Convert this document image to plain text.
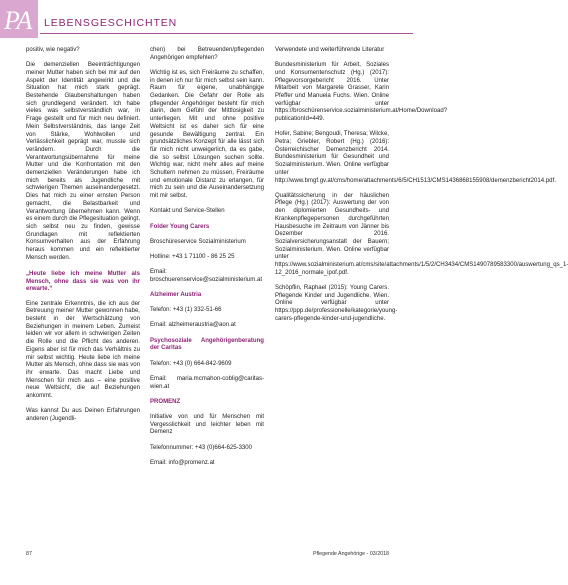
PA LEBENSGESCHICHTEN

positiv, wie negativ?

Die demenziellen Beeinträchtigungen meiner Mutter haben sich bei mir auf den Aspekt der Identität angewirkt und die Situation hat mich stark geprägt. Bestehende Glaubenshaltungen haben sich grundlegend verändert. Ich habe vieles was selbstverständlich war, in Frage gestellt und für mich neu definiert. Mein Selbstverständnis, das lange Zeit von Stärke, Wohlwollen und Verlässlichkeit geprägt war, musste sich verändern. Durch die Verantwortungsübernahme für meine Mutter und die Konfrontation mit den demenziellen Veränderungen habe ich mich bereits als Jugendliche mit schwierigen Themen auseinandergesetzt. Dies hat mich zu einer ernsten Person gemacht, die Belastbarkeit und Verantwortung übernehmen kann. Wenn es einem durch die Pflegesituation gelingt, sich selbst neu zu finden, gewisse Grundlagen mit reflektierten Konsumverhalten aus der Erfahrung heraus kommen und ein reflektierter Mensch werden.

„Heute liebe ich meine Mutter als Mensch, ohne dass sie was von ihr erwarte.“

Eine zentrale Erkenntnis, die ich aus der Betreuung meiner Mutter gewonnen habe, besteht in der Wertschätzung von Beziehungen in meinem Leben. Zumeist leiden wir vor allem in schwierigen Zeiten die Rolle und die Pflicht des anderen. Eigens aber ist für mich das Verhältnis zu mir selbst wichtig. Heute liebe ich meine Mutter als Mensch, ohne dass sie was von ihr erwarte. Das macht Liebe und Menschen für mich aus – eine positive neue Weltsicht, die auf Beziehungen ankommt.

Was kannst Du aus Deinen Erfahrungen anderen (Jugendli-

chen) bei Betreuenden/pflegenden Angehörigen empfehlen?

Wichtig ist es, sich Freiräume zu schaffen, in denen ich nur für mich selbst sein kann. Raum für eigene, unabhängige Gedanken. Die Gefahr der Rolle als pflegender Angehöriger besteht für mich darin, dem Gefühl der Mittlosigkeit zu unterliegen. Mit und ohne positive Weltsicht ist es daher sich für eine gesunde Bewältigung zentral. Ein grundsätzliches Konzept für alle lässt sich für mich nicht unweigerlich, da es gabe, die so selbst Lösungen suchen sollte. Wichtig war, nicht mehr alles auf meine Schultern nehmen zu müssen, Freiräume und emotionale Distanz zu erlangen, für mich zu sein und die Auseinandersetzung mit mir selbst.

Kontakt und Service-Stellen

Folder Young Carers

Broschüreservice Sozialministerium

Hotline: +43 1 71100 - 86 25 25

Email: broschuerenservice@sozialministerium.at

Alzheimer Austria

Telefon: +43 (1) 332-51-66

Email: alzheimeraustria@aon.at

Psychosoziale Angehörigenberatung der Caritas

Telefon: +43 (0) 664-842-9609

Email: maria.mcmahon-coblig@caritas-wien.at

PROMENZ

Initiative von und für Menschen mit Vergesslichkeit und leichter leben mit Demenz

Telefonnummer: +43 (0)664-625-3300

Email: info@promenz.at

Verwendete und weiterführende Literatur

Bundesministerium für Arbeit, Soziales und Konsumentenschutz (Hg.) (2017): Pflegevorsorgebericht 2016. Unter Mitarbeit von Margarete Grasser, Karin Pfeffer und Manuela Fuchs. Wien. Online verfügbar unter https://broschürenservice.sozialministerium.at/Home/Download?publicationId=449.

Hofer, Sabine; Bengoudi, Theresa; Wilcke, Petra; Griebler, Robert (Hg.) (2016): Österreichischer Demenzbericht 2014. Bundesministerium für Gesundheit und Sozialministerium. Wien. Online verfügbar unter http://www.bmgf.gv.at/cms/home/attachments/6/5/CH1513/CMS1436868155908/demenzbericht2014.pdf.

Qualitätssicherung in der häuslichen Pflege (Hg.) (2017): Auswertung der von den diplomierten Gesundheits- und Krankenpflegepersonen durchgeführten Hausbesuche im Zeitraum von Jänner bis Dezember 2016. Sozialversicherungsanstalt der Bauern; Sozialministerium. Wien. Online verfügbar unter https://www.sozialministerium.at/cms/site/attachments/1/5/2/CH3434/CMS1490789583300/auswertung_qs_1-12_2016_normale_ipof.pdf.

Schöpflin, Raphael (2015): Young Carers. Pflegende Kinder und Jugendliche. Wien. Online verfügbar unter https://ppp.de/professionelle/kategorie/young-carers-pflegende-kinder-und-jugendliche.

87	Pflegende Angehörige - 03/2018
